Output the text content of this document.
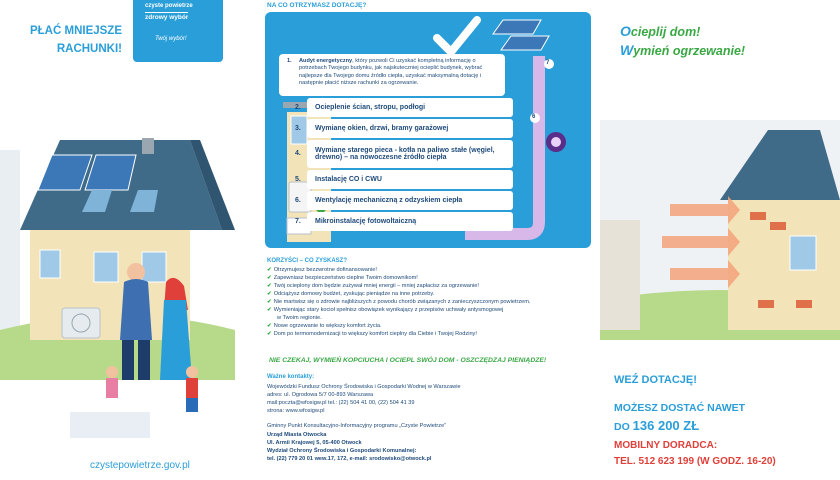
czyste powietrze
zdrowy wybór
Twój wybór!
PŁAĆ MNIEJSZE
RACHUNKI!
czystepowietrze.gov.pl
NA CO OTRZYMASZ DOTACJĘ?
7
6
1. Audyt energetyczny, który pozwoli Ci uzyskać kompletną informację o potrzebach Twojego budynku, jak najskuteczniej ocieplić budynek, wybrać najlepsze dla Twojego domu źródło ciepła, uzyskać maksymalną dotację i następnie płacić niższe rachunki za ogrzewanie.
Ocieplenie ścian, stropu, podłogi
Wymianę okien, drzwi, bramy garażowej
Wymianę starego pieca - kotła na paliwo stałe (węgiel, drewno) – na nowoczesne źródło ciepła
Instalację CO i CWU
Wentylację mechaniczną z odzyskiem ciepła
Mikroinstalację fotowoltaiczną
2.
3.
4.
5.
6.
7.
KORZYŚCI – CO ZYSKASZ?
✔ Otrzymujesz bezzwrotne dofinansowanie!
✔ Zapewniasz bezpieczeństwo cieplne Twoim domownikom!
✔ Twój ocieplony dom będzie zużywał mniej energii – mniej zapłacisz za ogrzewanie!
✔ Odciążysz domowy budżet, zyskując pieniądze na inne potrzeby.
✔ Nie martwisz się o zdrowie najbliższych z powodu chorób związanych z zanieczyszczonym powietrzem.
✔ Wymieniając stary kocioł spełnisz obowiązek wynikający z przepisów uchwały antysmogowej
w Twoim regionie.
✔ Nowe ogrzewanie to większy komfort życia.
✔ Dom po termomodernizacji to większy komfort cieplny dla Ciebie i Twojej Rodziny!
NIE CZEKAJ, WYMIEŃ KOPCIUCHA I OCIEPL SWÓJ DOM - OSZCZĘDZAJ PIENIĄDZE!
Ważne kontakty:
Wojewódzki Fundusz Ochrony Środowiska i Gospodarki Wodnej w Warszawie
adres: ul. Ogrodowa 5/7 00-893 Warszawa
mail:poczta@wfosigw.pl tel.: (22) 504 41 00, (22) 504 41 39
strona: www.wfosigw.pl
Gminny Punkt Konsultacyjno-Informacyjny programu „Czyste Powietrze”
Urząd Miasta Otwocka
Ul. Armii Krajowej 5, 05-400 Otwock
Wydział Ochrony Środowiska i Gospodarki Komunalnej:
tel. (22) 779 20 01 wew.17, 172, e-mail: srodowisko@otwock.pl
Ocieplij dom!
Wymień ogrzewanie!
WEŹ DOTACJĘ!
MOŻESZ DOSTAĆ NAWET
DO 136 200 ZŁ
MOBILNY DORADCA:
TEL. 512 623 199 (W GODZ. 16-20)
